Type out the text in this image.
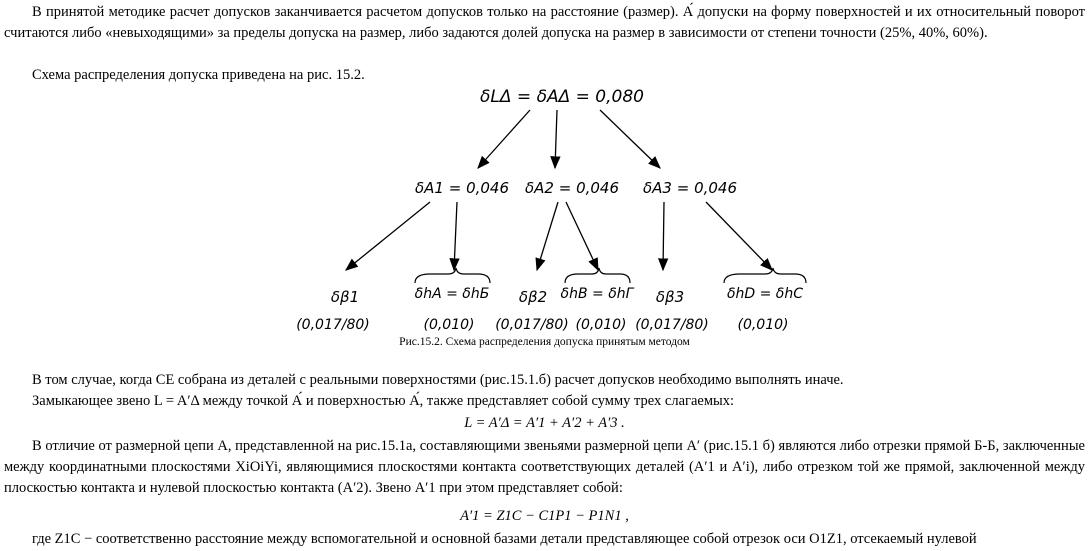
В принятой методике расчет допусков заканчивается расчетом допусков только на расстояние (размер). А́ допуски на форму поверхностей и их относительный поворот считаются либо «невыходящими» за пределы допуска на размер, либо задаются долей допуска на размер в зависимости от степени точности (25%, 40%, 60%).

Схема распределения допуска приведена на рис. 15.2.

δLΔ = δAΔ = 0,080
δA1 = 0,046 δA2 = 0,046 δA3 = 0,046
δβ1	δhA = δhБ δβ2 δhВ = δhГ δβ3	δhD = δhC
(0,017/80)	(0,010) (0,017/80) (0,010) (0,017/80) (0,010)

Рис.15.2. Схема распределения допуска принятым методом

В том случае, когда СЕ собрана из деталей с реальными поверхностями (рис.15.1.б) расчет допусков необходимо выполнять иначе.

Замыкающее звено L = A′Δ между точкой А́ и поверхностью А́, также представляет собой сумму трех слагаемых:

L = A′Δ = A′1 + A′2 + A′3 .

В отличие от размерной цепи А, представленной на рис.15.1а, составляющими звеньями размерной цепи A′ (рис.15.1 б) являются либо отрезки прямой Б-Б, заключенные между координатными плоскостями XiOiYi, являющимися плоскостями контакта соответствующих деталей (A′1 и A′i), либо отрезком той же прямой, заключенной между плоскостью контакта и нулевой плоскостью контакта (A′2). Звено A′1 при этом представляет собой:

A′1 = Z1C − C1P1 − P1N1 ,

где Z1C − соответственно расстояние между вспомогательной и основной базами детали представляющее собой отрезок оси O1Z1, отсекаемый нулевой
